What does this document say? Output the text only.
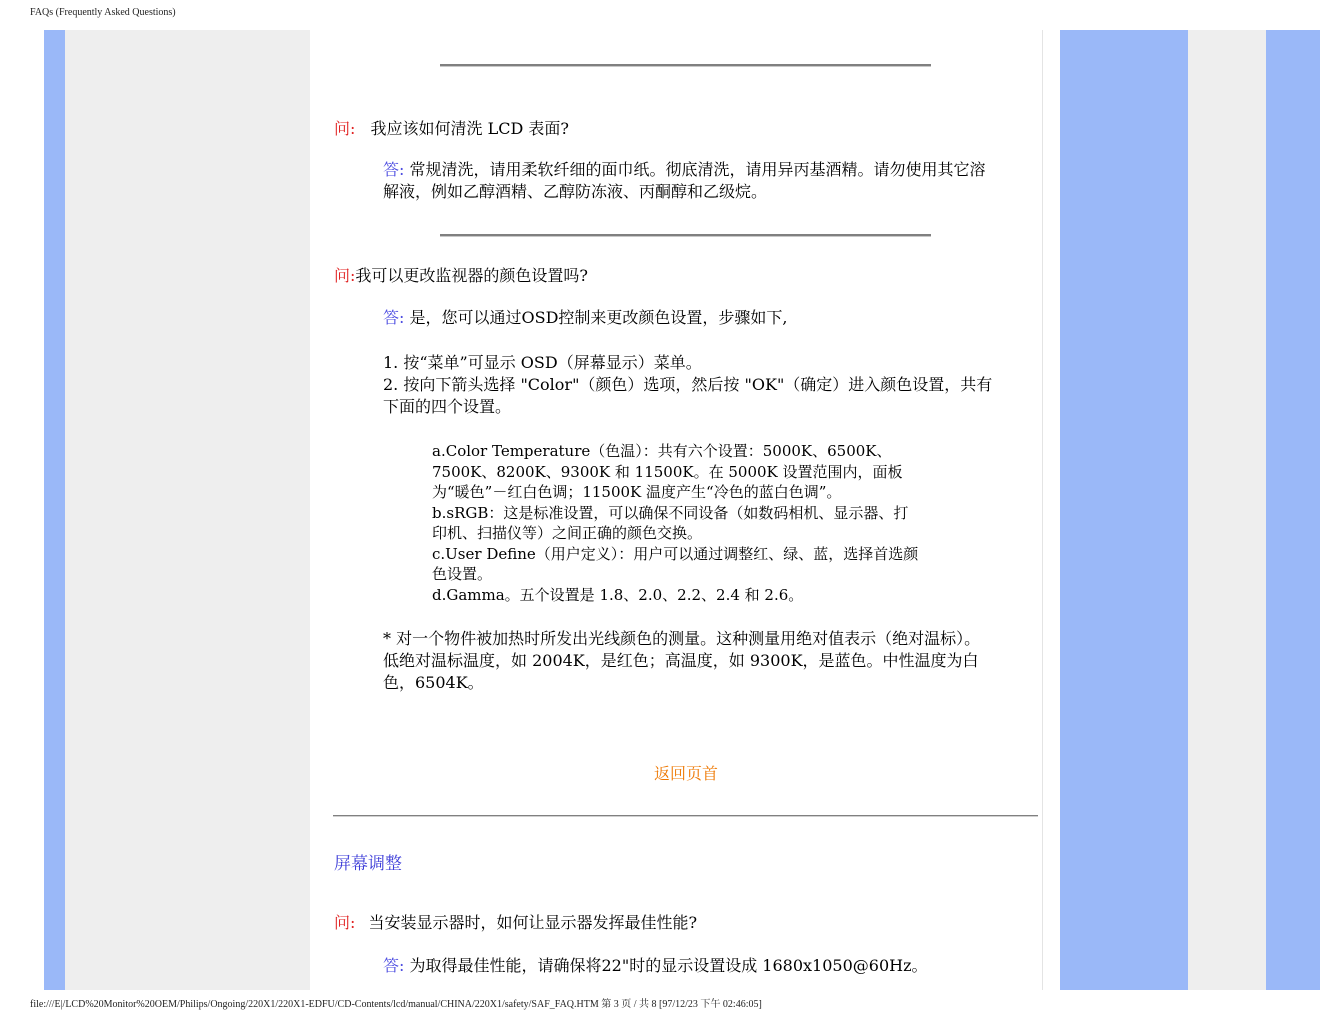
FAQs (Frequently Asked Questions)
问: 我应该如何清洗 LCD 表面?
答: 常规清洗，请用柔软纤细的面巾纸。彻底清洗，请用异丙基酒精。请勿使用其它溶解液，例如乙醇酒精、乙醇防冻液、丙酮醇和乙级烷。
问:我可以更改监视器的颜色设置吗?
答: 是，您可以通过OSD控制来更改颜色设置，步骤如下,
1. 按“菜单”可显示 OSD（屏幕显示）菜单。
2. 按向下箭头选择 "Color"（颜色）选项，然后按 "OK"（确定）进入颜色设置，共有下面的四个设置。
a.Color Temperature（色温）：共有六个设置：5000K、6500K、7500K、8200K、9300K 和 11500K。在 5000K 设置范围内，面板为“暖色”－红白色调；11500K 温度产生“冷色的蓝白色调”。
b.sRGB：这是标准设置，可以确保不同设备（如数码相机、显示器、打印机、扫描仪等）之间正确的颜色交换。
c.User Define（用户定义）：用户可以通过调整红、绿、蓝，选择首选颜色设置。
d.Gamma。五个设置是 1.8、2.0、2.2、2.4 和 2.6。
* 对一个物件被加热时所发出光线颜色的测量。这种测量用绝对值表示（绝对温标）。低绝对温标温度，如 2004K，是红色；高温度，如 9300K，是蓝色。中性温度为白色，6504K。
返回页首
屏幕调整
问: 当安装显示器时，如何让显示器发挥最佳性能?
答: 为取得最佳性能，请确保将22"时的显示设置设成 1680x1050@60Hz。
file:///E|/LCD%20Monitor%20OEM/Philips/Ongoing/220X1/220X1-EDFU/CD-Contents/lcd/manual/CHINA/220X1/safety/SAF_FAQ.HTM 第 3 页 / 共 8 [97/12/23 下午 02:46:05]
